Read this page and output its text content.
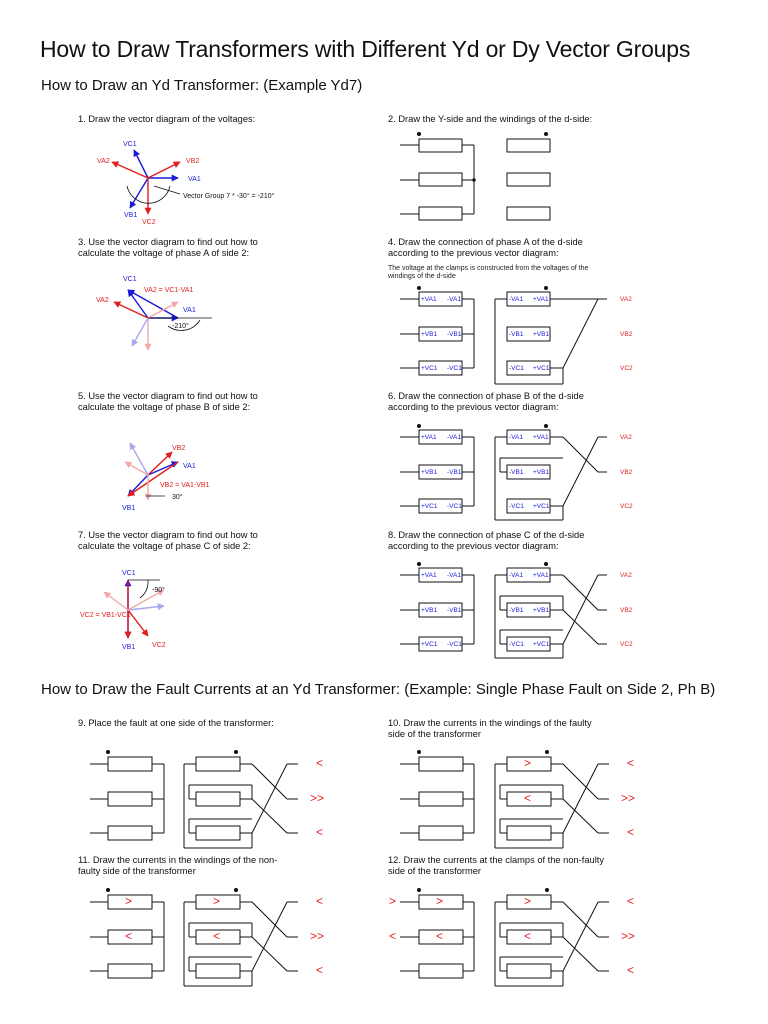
How to Draw Transformers with Different Yd or Dy Vector Groups
How to Draw an Yd Transformer: (Example Yd7)
How to Draw the Fault Currents at an Yd Transformer: (Example: Single Phase Fault on Side 2, Ph B)
1. Draw the vector diagram of the voltages:	2. Draw the Y-side and the windings of the d-side:
3. Use the vector diagram to find out how to
calculate the voltage of phase A of side 2:
4. Draw the connection of phase A of the d-side
according to the previous vector diagram:
The voltage at the clamps is constructed from the voltages of the
windings of the d-side
5. Use the vector diagram to find out how to
calculate the voltage of phase B of side 2:
6. Draw the connection of phase B of the d-side
according to the previous vector diagram:
7. Use the vector diagram to find out how to
calculate the voltage of phase C of side 2:
8. Draw the connection of phase C of the d-side
according to the previous vector diagram:
9. Place the fault at one side of the transformer:	10. Draw the currents in the windings of the faulty
side of the transformer
11. Draw the currents in the windings of the non-
faulty side of the transformer
12. Draw the currents at the clamps of the non-faulty
side of the transformer
VC1
VA1
VB1
VA2	VB2
VC2
Vector Group 7 * -30° = -210°
VC1
VA2
VA2 = VC1-VA1
VA1
-210°
VB2
VA1
VB2 = VA1-VB1
30°
VB1
VC1
-90°
VC2 = VB1-VC1
VB1 VC2
+VA1 -VA1
+VB1 -VB1
+VC1 -VC1
-VA1 +VA1
-VB1 +VB1
-VC1 +VC1
VA2
VB2
VC2
+VA1 -VA1
+VB1 -VB1
+VC1 -VC1
-VA1 +VA1
-VB1 +VB1
-VC1 +VC1
VA2
VB2
VC2
+VA1 -VA1
+VB1 -VB1
+VC1 -VC1
-VA1 +VA1
-VB1 +VB1
-VC1 +VC1
VA2
VB2
VC2
<
>>
<
>
<
<
>>
<
>
<
>
<
<
>>
<
>
<
>
<
>
<
<
>>
<
